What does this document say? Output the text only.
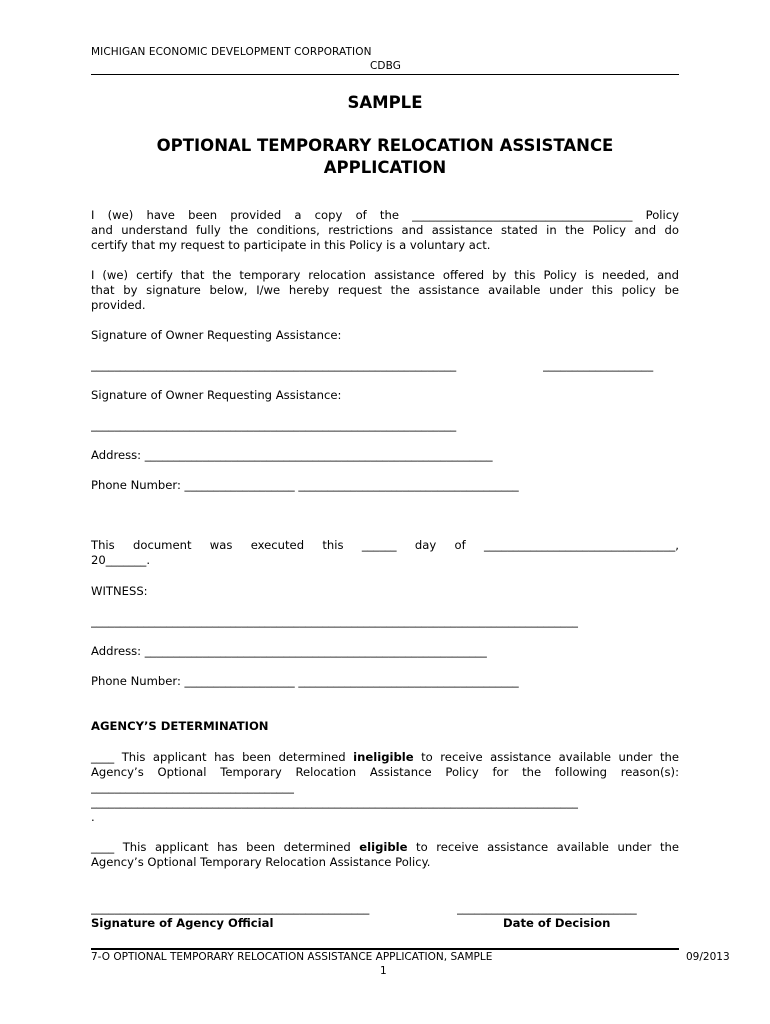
MICHIGAN ECONOMIC DEVELOPMENT CORPORATION
CDBG
SAMPLE
OPTIONAL TEMPORARY RELOCATION ASSISTANCE
APPLICATION
I (we) have been provided a copy of the ______________________________________ Policy
and understand fully the conditions, restrictions and assistance stated in the Policy and do
certify that my request to participate in this Policy is a voluntary act.
I (we) certify that the temporary relocation assistance offered by this Policy is needed, and
that by signature below, I/we hereby request the assistance available under this policy be
provided.
Signature of Owner Requesting Assistance:
_______________________________________________________________	___________________
Signature of Owner Requesting Assistance:
_______________________________________________________________
Address: ____________________________________________________________
Phone Number: ___________________ ______________________________________
This document was executed this ______ day of _________________________________,
20_______.
WITNESS:
____________________________________________________________________________________
Address: ___________________________________________________________
Phone Number: ___________________ ______________________________________
AGENCY’S DETERMINATION
____ This applicant has been determined ineligible to receive assistance available under the
Agency’s Optional Temporary Relocation Assistance Policy for the following reason(s):
___________________________________
____________________________________________________________________________________
.
____ This applicant has been determined eligible to receive assistance available under the
Agency’s Optional Temporary Relocation Assistance Policy.
________________________________________________	_______________________________
Signature of Agency Official	Date of Decision
7-O OPTIONAL TEMPORARY RELOCATION ASSISTANCE APPLICATION, SAMPLE	09/2013
1
